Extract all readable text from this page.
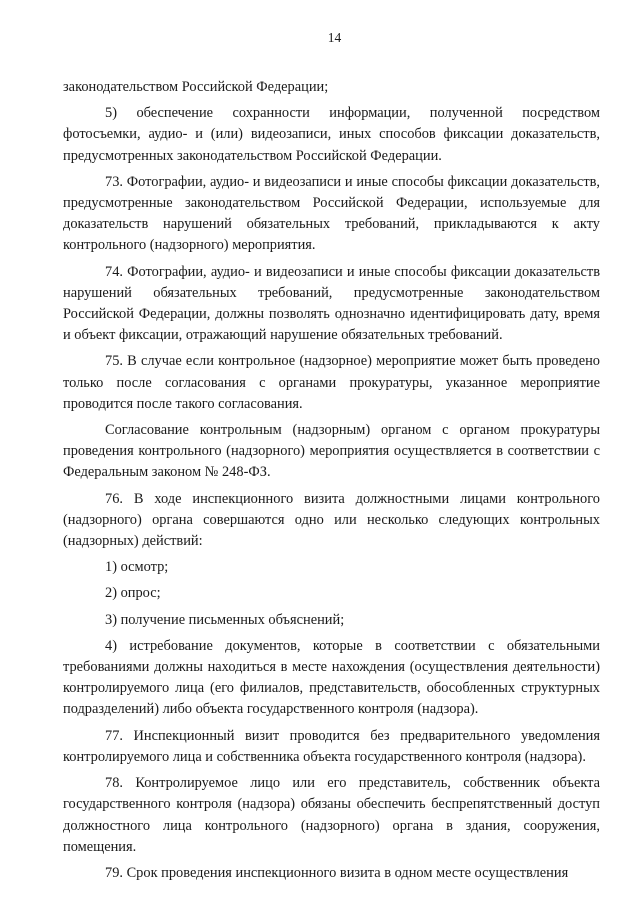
14

законодательством Российской Федерации;

5) обеспечение сохранности информации, полученной посредством фотосъемки, аудио- и (или) видеозаписи, иных способов фиксации доказательств, предусмотренных законодательством Российской Федерации.

73. Фотографии, аудио- и видеозаписи и иные способы фиксации доказательств, предусмотренные законодательством Российской Федерации, используемые для доказательств нарушений обязательных требований, прикладываются к акту контрольного (надзорного) мероприятия.

74. Фотографии, аудио- и видеозаписи и иные способы фиксации доказательств нарушений обязательных требований, предусмотренные законодательством Российской Федерации, должны позволять однозначно идентифицировать дату, время и объект фиксации, отражающий нарушение обязательных требований.

75. В случае если контрольное (надзорное) мероприятие может быть проведено только после согласования с органами прокуратуры, указанное мероприятие проводится после такого согласования.

Согласование контрольным (надзорным) органом с органом прокуратуры проведения контрольного (надзорного) мероприятия осуществляется в соответствии с Федеральным законом № 248-ФЗ.

76. В ходе инспекционного визита должностными лицами контрольного (надзорного) органа совершаются одно или несколько следующих контрольных (надзорных) действий:

1) осмотр;

2) опрос;

3) получение письменных объяснений;

4) истребование документов, которые в соответствии с обязательными требованиями должны находиться в месте нахождения (осуществления деятельности) контролируемого лица (его филиалов, представительств, обособленных структурных подразделений) либо объекта государственного контроля (надзора).

77. Инспекционный визит проводится без предварительного уведомления контролируемого лица и собственника объекта государственного контроля (надзора).

78. Контролируемое лицо или его представитель, собственник объекта государственного контроля (надзора) обязаны обеспечить беспрепятственный доступ должностного лица контрольного (надзорного) органа в здания, сооружения, помещения.

79. Срок проведения инспекционного визита в одном месте осуществления
